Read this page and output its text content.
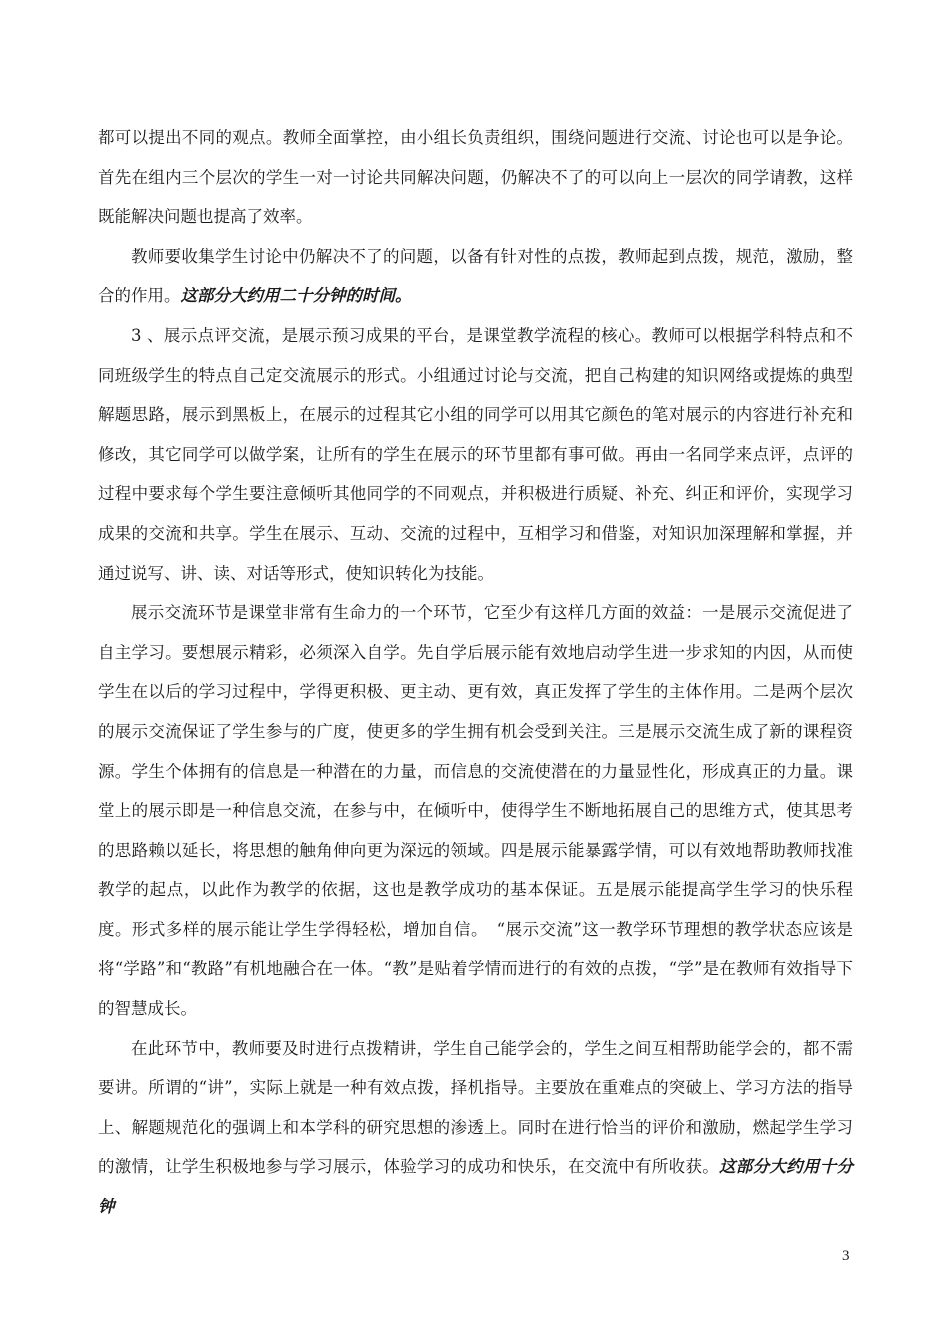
都可以提出不同的观点。教师全面掌控，由小组长负责组织，围绕问题进行交流、讨论也可以是争论。首先在组内三个层次的学生一对一讨论共同解决问题，仍解决不了的可以向上一层次的同学请教，这样既能解决问题也提高了效率。

教师要收集学生讨论中仍解决不了的问题，以备有针对性的点拨，教师起到点拨，规范，激励，整合的作用。这部分大约用二十分钟的时间。

3 、展示点评交流，是展示预习成果的平台，是课堂教学流程的核心。教师可以根据学科特点和不同班级学生的特点自己定交流展示的形式。小组通过讨论与交流，把自己构建的知识网络或提炼的典型解题思路，展示到黑板上，在展示的过程其它小组的同学可以用其它颜色的笔对展示的内容进行补充和修改，其它同学可以做学案，让所有的学生在展示的环节里都有事可做。再由一名同学来点评，点评的过程中要求每个学生要注意倾听其他同学的不同观点，并积极进行质疑、补充、纠正和评价，实现学习成果的交流和共享。学生在展示、互动、交流的过程中，互相学习和借鉴，对知识加深理解和掌握，并通过说写、讲、读、对话等形式，使知识转化为技能。

展示交流环节是课堂非常有生命力的一个环节，它至少有这样几方面的效益：一是展示交流促进了自主学习。要想展示精彩，必须深入自学。先自学后展示能有效地启动学生进一步求知的内因，从而使学生在以后的学习过程中，学得更积极、更主动、更有效，真正发挥了学生的主体作用。二是两个层次的展示交流保证了学生参与的广度，使更多的学生拥有机会受到关注。三是展示交流生成了新的课程资源。学生个体拥有的信息是一种潜在的力量，而信息的交流使潜在的力量显性化，形成真正的力量。课堂上的展示即是一种信息交流，在参与中，在倾听中，使得学生不断地拓展自己的思维方式，使其思考的思路赖以延长，将思想的触角伸向更为深远的领域。四是展示能暴露学情，可以有效地帮助教师找准教学的起点，以此作为教学的依据，这也是教学成功的基本保证。五是展示能提高学生学习的快乐程度。形式多样的展示能让学生学得轻松，增加自信。　“展示交流”这一教学环节理想的教学状态应该是将“学路”和“教路”有机地融合在一体。“教”是贴着学情而进行的有效的点拨，“学”是在教师有效指导下的智慧成长。

在此环节中，教师要及时进行点拨精讲，学生自己能学会的，学生之间互相帮助能学会的，都不需要讲。所谓的“讲”，实际上就是一种有效点拨，择机指导。主要放在重难点的突破上、学习方法的指导上、解题规范化的强调上和本学科的研究思想的渗透上。同时在进行恰当的评价和激励，燃起学生学习的激情，让学生积极地参与学习展示，体验学习的成功和快乐，在交流中有所收获。这部分大约用十分钟

3
